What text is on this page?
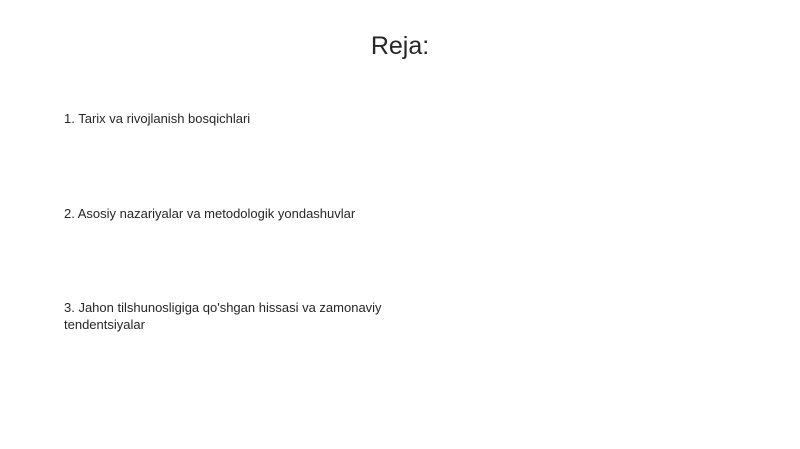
Reja:
1. Tarix va rivojlanish bosqichlari
2. Asosiy nazariyalar va metodologik yondashuvlar
3. Jahon tilshunosligiga qo'shgan hissasi va zamonaviy tendentsiyalar
